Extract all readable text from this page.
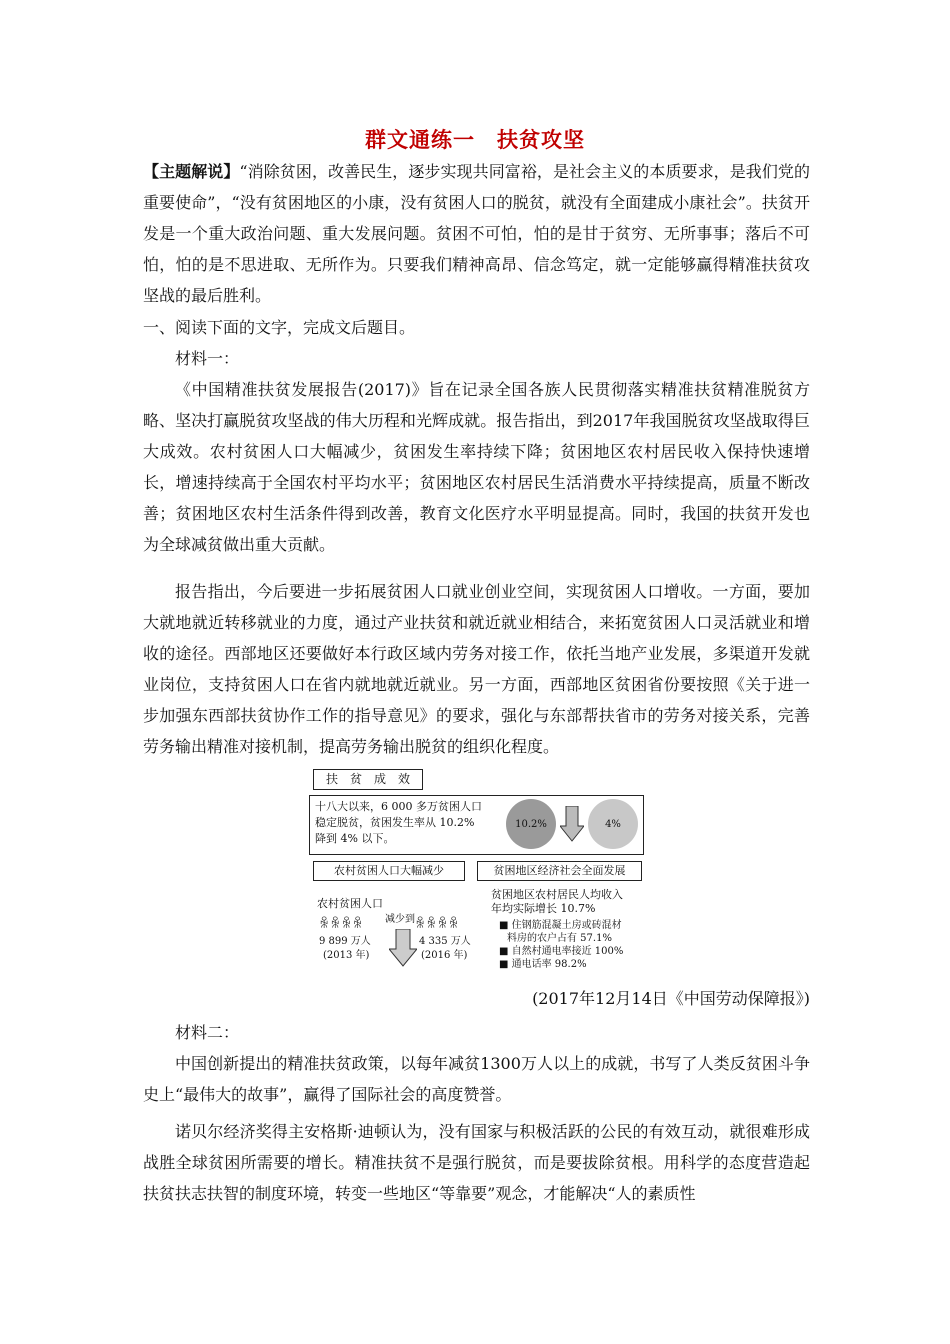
群文通练一　扶贫攻坚
【主题解说】“消除贫困，改善民生，逐步实现共同富裕，是社会主义的本质要求，是我们党的重要使命”，“没有贫困地区的小康，没有贫困人口的脱贫，就没有全面建成小康社会”。扶贫开发是一个重大政治问题、重大发展问题。贫困不可怕，怕的是甘于贫穷、无所事事；落后不可怕，怕的是不思进取、无所作为。只要我们精神高昂、信念笃定，就一定能够赢得精准扶贫攻坚战的最后胜利。
一、阅读下面的文字，完成文后题目。
材料一：
《中国精准扶贫发展报告(2017)》旨在记录全国各族人民贯彻落实精准扶贫精准脱贫方略、坚决打赢脱贫攻坚战的伟大历程和光辉成就。报告指出，到2017年我国脱贫攻坚战取得巨大成效。农村贫困人口大幅减少，贫困发生率持续下降；贫困地区农村居民收入保持快速增长，增速持续高于全国农村平均水平；贫困地区农村居民生活消费水平持续提高，质量不断改善；贫困地区农村生活条件得到改善，教育文化医疗水平明显提高。同时，我国的扶贫开发也为全球减贫做出重大贡献。
报告指出，今后要进一步拓展贫困人口就业创业空间，实现贫困人口增收。一方面，要加大就地就近转移就业的力度，通过产业扶贫和就近就业相结合，来拓宽贫困人口灵活就业和增收的途径。西部地区还要做好本行政区域内劳务对接工作，依托当地产业发展，多渠道开发就业岗位，支持贫困人口在省内就地就近就业。另一方面，西部地区贫困省份要按照《关于进一步加强东西部扶贫协作工作的指导意见》的要求，强化与东部帮扶省市的劳务对接关系，完善劳务输出精准对接机制，提高劳务输出脱贫的组织化程度。
扶　贫　成　效
十八大以来，6 000 多万贫困人口
稳定脱贫，贫困发生率从 10.2%
降到 4% 以下。
10.2%	4%
农村贫困人口大幅减少	贫困地区经济社会全面发展
农村贫困人口
ꆜꆜꆜꆜ 减少到 ꆜꆜꆜꆜ
9 899 万人
(2013 年)
4 335 万人
(2016 年)
贫困地区农村居民人均收入
年均实际增长 10.7%
■ 住钢筋混凝土房或砖混材
料房的农户占有 57.1%
■ 自然村通电率接近 100%
■ 通电话率 98.2%
(2017年12月14日《中国劳动保障报》)
材料二：
中国创新提出的精准扶贫政策，以每年减贫1300万人以上的成就，书写了人类反贫困斗争史上“最伟大的故事”，赢得了国际社会的高度赞誉。
诺贝尔经济奖得主安格斯·迪顿认为，没有国家与积极活跃的公民的有效互动，就很难形成战胜全球贫困所需要的增长。精准扶贫不是强行脱贫，而是要拔除贫根。用科学的态度营造起扶贫扶志扶智的制度环境，转变一些地区“等靠要”观念，才能解决“人的素质性
